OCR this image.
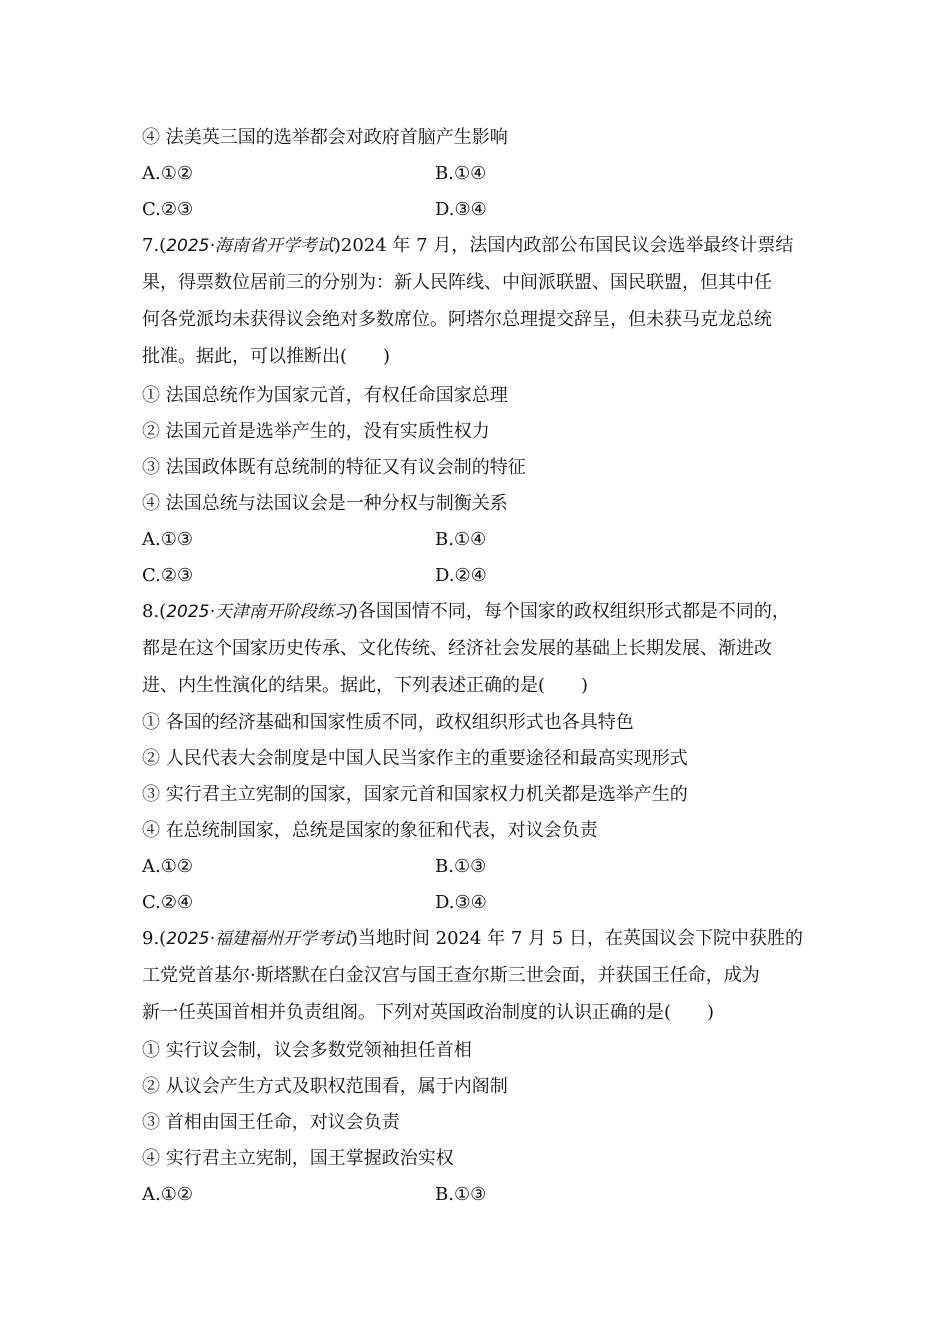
④ 法美英三国的选举都会对政府首脑产生影响
A.①②	B.①④
C.②③	D.③④
7.(2025·海南省开学考试)2024 年 7 月，法国内政部公布国民议会选举最终计票结
果，得票数位居前三的分别为：新人民阵线、中间派联盟、国民联盟，但其中任
何各党派均未获得议会绝对多数席位。阿塔尔总理提交辞呈，但未获马克龙总统
批准。据此，可以推断出(　　)
① 法国总统作为国家元首，有权任命国家总理
② 法国元首是选举产生的，没有实质性权力
③ 法国政体既有总统制的特征又有议会制的特征
④ 法国总统与法国议会是一种分权与制衡关系
A.①③	B.①④
C.②③	D.②④
8.(2025·天津南开阶段练习)各国国情不同，每个国家的政权组织形式都是不同的，
都是在这个国家历史传承、文化传统、经济社会发展的基础上长期发展、渐进改
进、内生性演化的结果。据此，下列表述正确的是(　　)
① 各国的经济基础和国家性质不同，政权组织形式也各具特色
② 人民代表大会制度是中国人民当家作主的重要途径和最高实现形式
③ 实行君主立宪制的国家，国家元首和国家权力机关都是选举产生的
④ 在总统制国家，总统是国家的象征和代表，对议会负责
A.①②	B.①③
C.②④	D.③④
9.(2025·福建福州开学考试)当地时间 2024 年 7 月 5 日，在英国议会下院中获胜的
工党党首基尔·斯塔默在白金汉宫与国王查尔斯三世会面，并获国王任命，成为
新一任英国首相并负责组阁。下列对英国政治制度的认识正确的是(　　)
① 实行议会制，议会多数党领袖担任首相
② 从议会产生方式及职权范围看，属于内阁制
③ 首相由国王任命，对议会负责
④ 实行君主立宪制，国王掌握政治实权
A.①②	B.①③
